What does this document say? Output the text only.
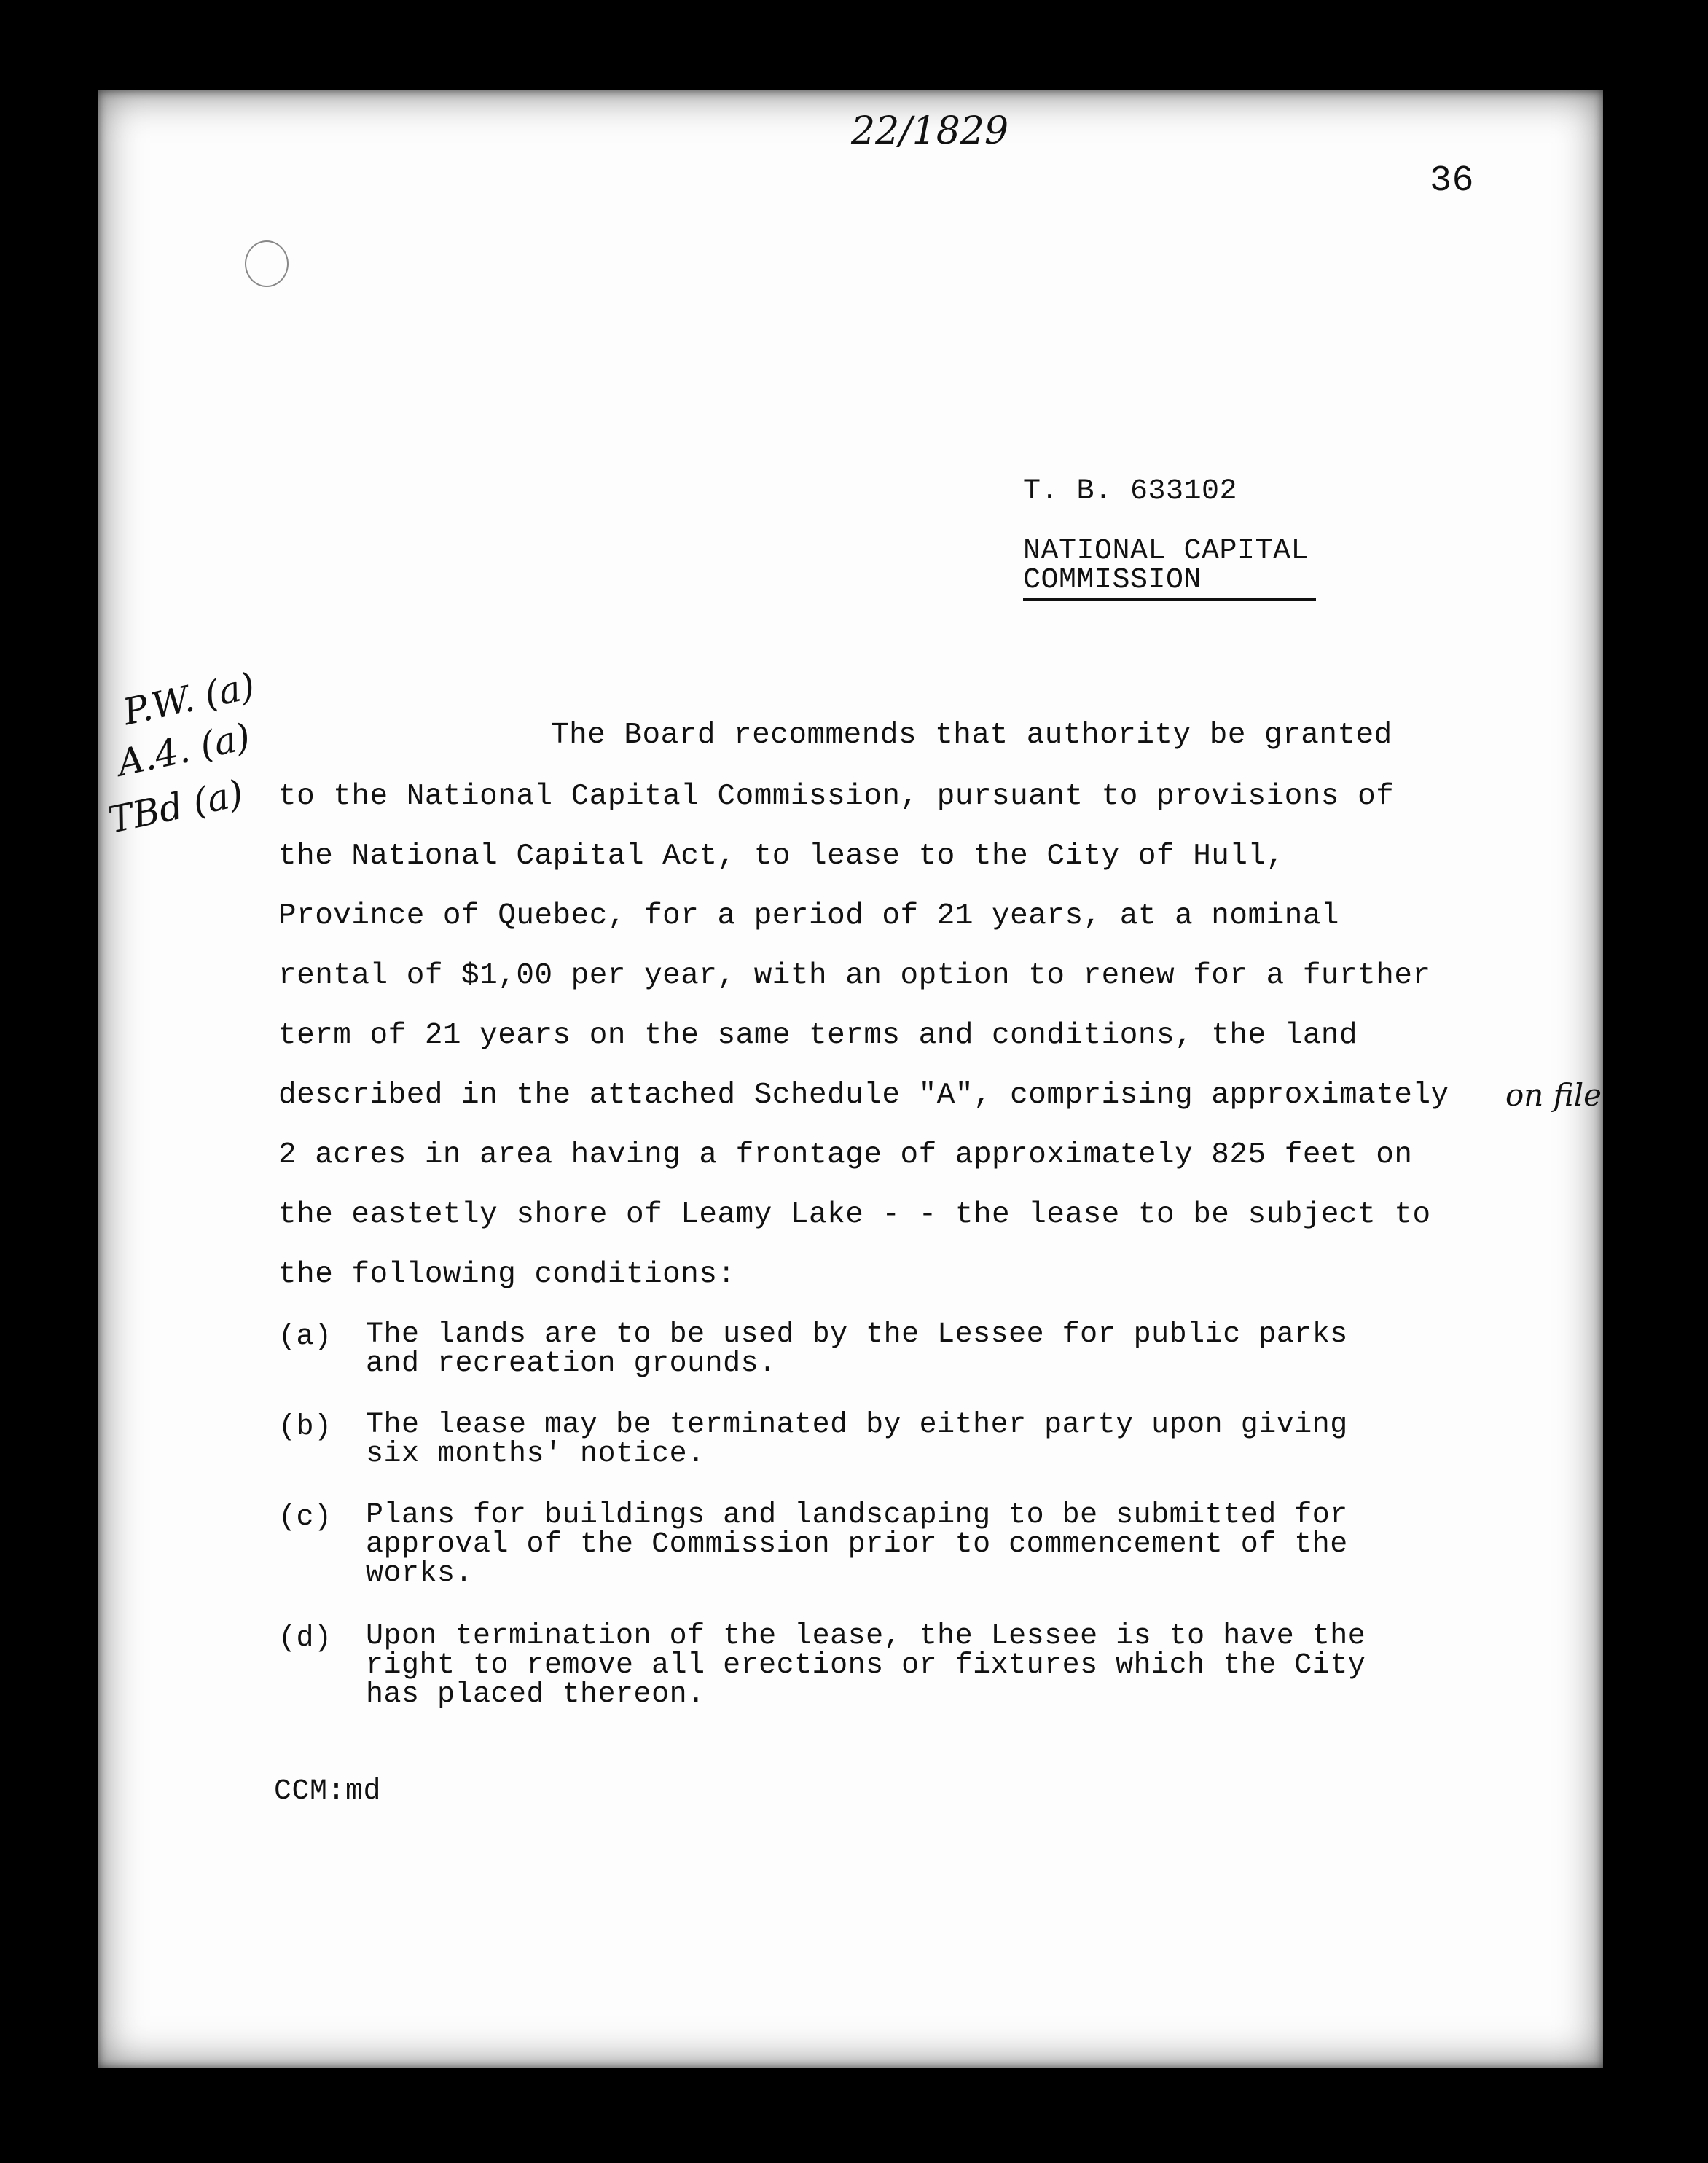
22/1829
36
T. B. 633102
NATIONAL CAPITAL
COMMISSION
P.W. (a)
A.4. (a)
TBd (a)
The Board recommends that authority be granted
to the National Capital Commission, pursuant to provisions of
the National Capital Act, to lease to the City of Hull,
Province of Quebec, for a period of 21 years, at a nominal
rental of $1,00 per year, with an option to renew for a further
term of 21 years on the same terms and conditions, the land
described in the attached Schedule "A", comprising approximately
2 acres in area having a frontage of approximately 825 feet on
the eastetly shore of Leamy Lake - - the lease to be subject to
the following conditions:
on file
(a) The lands are to be used by the Lessee for public parks
and recreation grounds.
(b) The lease may be terminated by either party upon giving
six months' notice.
(c) Plans for buildings and landscaping to be submitted for
approval of the Commission prior to commencement of the
works.
(d) Upon termination of the lease, the Lessee is to have the
right to remove all erections or fixtures which the City
has placed thereon.
CCM:md
